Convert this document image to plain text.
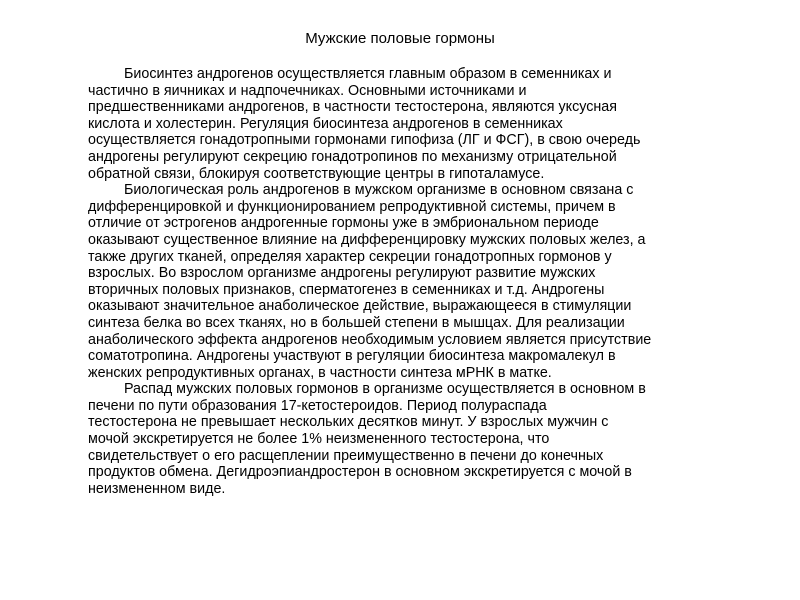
Мужские половые гормоны

Биосинтез андрогенов осуществляется главным образом в семенниках и
частично в яичниках и надпочечниках. Основными источниками и
предшественниками андрогенов, в частности тестостерона, являются уксусная
кислота и холестерин. Регуляция биосинтеза андрогенов в семенниках
осуществляется гонадотропными гормонами гипофиза (ЛГ и ФСГ), в свою очередь
андрогены регулируют секрецию гонадотропинов по механизму отрицательной
обратной связи, блокируя соответствующие центры в гипоталамусе.

Биологическая роль андрогенов в мужском организме в основном связана с
дифференцировкой и функционированием репродуктивной системы, причем в
отличие от эстрогенов андрогенные гормоны уже в эмбриональном периоде
оказывают существенное влияние на дифференцировку мужских половых желез, а
также других тканей, определяя характер секреции гонадотропных гормонов у
взрослых. Во взрослом организме андрогены регулируют развитие мужских
вторичных половых признаков, сперматогенез в семенниках и т.д. Андрогены
оказывают значительное анаболическое действие, выражающееся в стимуляции
синтеза белка во всех тканях, но в большей степени в мышцах. Для реализации
анаболического эффекта андрогенов необходимым условием является присутствие
соматотропина. Андрогены участвуют в регуляции биосинтеза макромалекул в
женских репродуктивных органах, в частности синтеза мРНК в матке.

Распад мужских половых гормонов в организме осуществляется в основном в
печени по пути образования 17-кетостероидов. Период полураспада
тестостерона не превышает нескольких десятков минут. У взрослых мужчин с
мочой экскретируется не более 1% неизмененного тестостерона, что
свидетельствует о его расщеплении преимущественно в печени до конечных
продуктов обмена. Дегидроэпиандростерон в основном экскретируется с мочой в
неизмененном виде.
